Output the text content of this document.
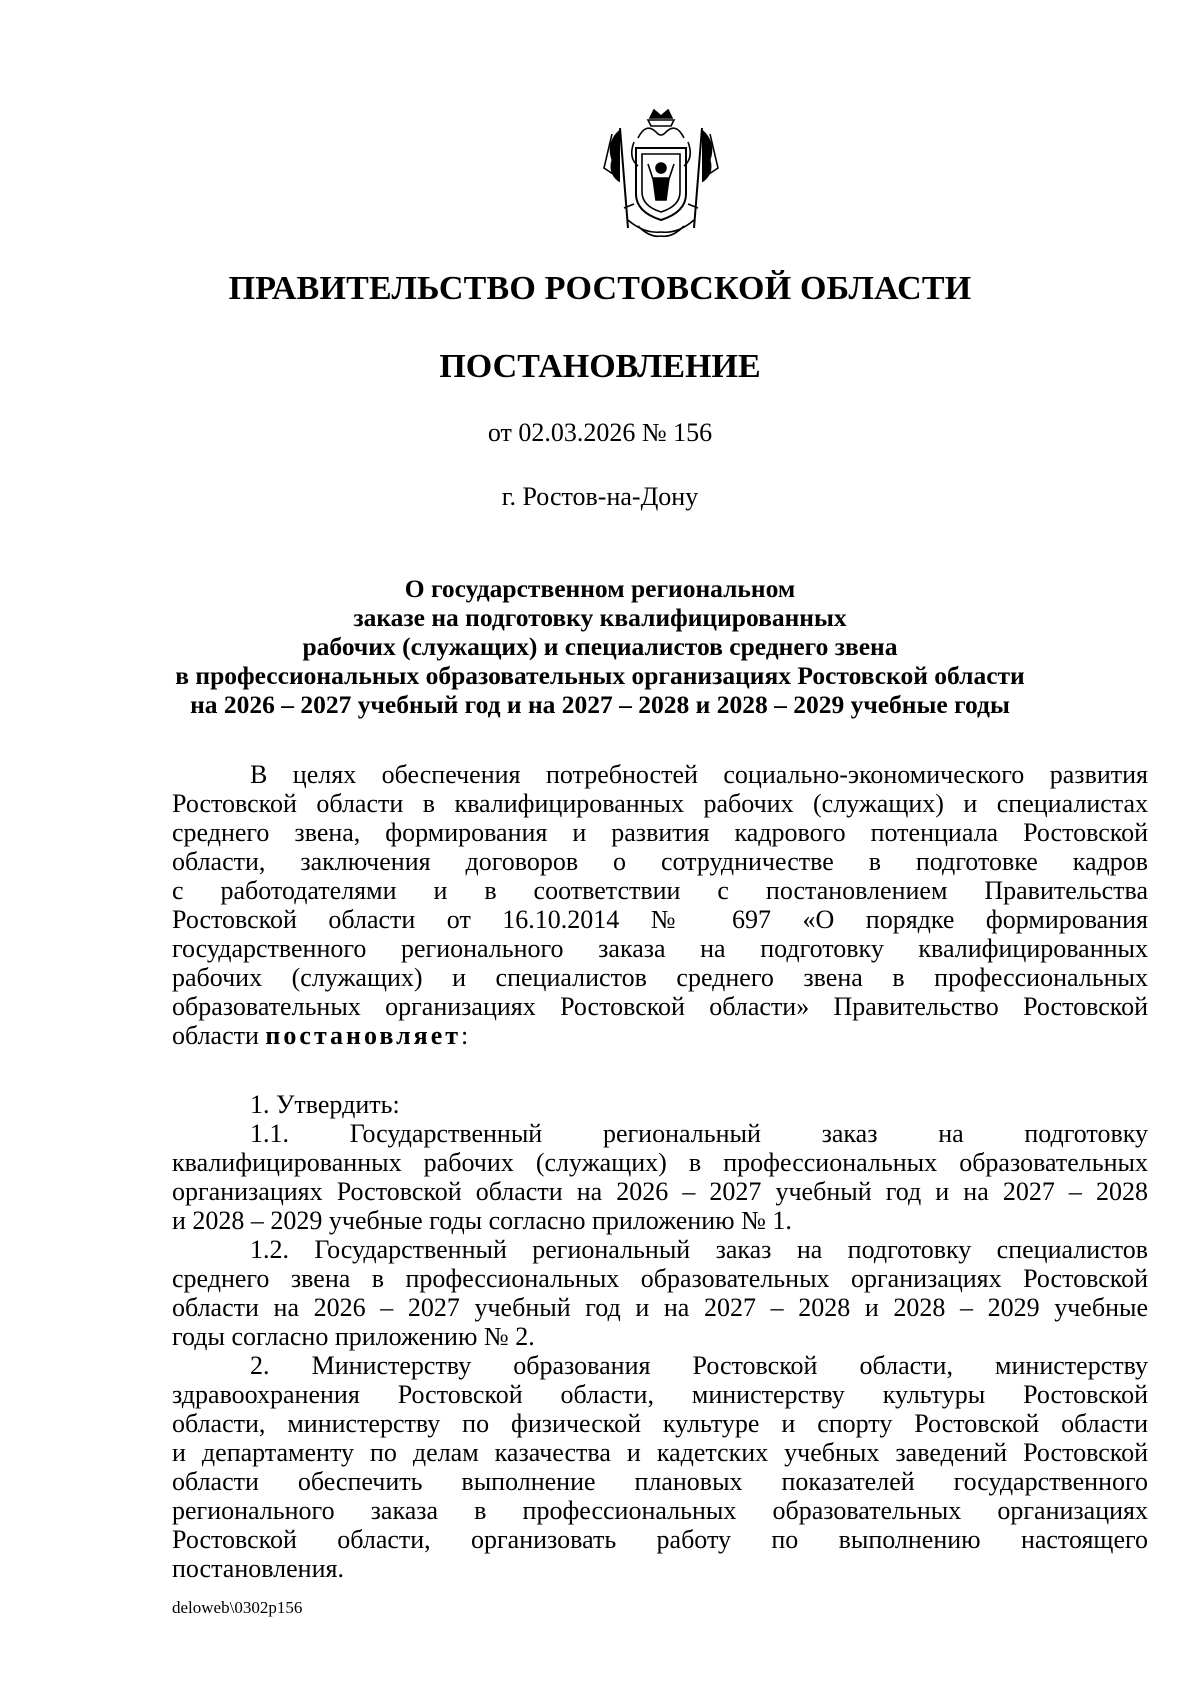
ПРАВИТЕЛЬСТВО РОСТОВСКОЙ ОБЛАСТИ
ПОСТАНОВЛЕНИЕ
от 02.03.2026 № 156
г. Ростов-на-Дону
О государственном региональном
заказе на подготовку квалифицированных
рабочих (служащих) и специалистов среднего звена
в профессиональных образовательных организациях Ростовской области
на 2026 – 2027 учебный год и на 2027 – 2028 и 2028 – 2029 учебные годы
В целях обеспечения потребностей социально-экономического развития
Ростовской области в квалифицированных рабочих (служащих) и специалистах
среднего звена, формирования и развития кадрового потенциала Ростовской
области, заключения договоров о сотрудничестве в подготовке кадров
с работодателями и в соответствии с постановлением Правительства
Ростовской области от 16.10.2014 № 697 «О порядке формирования
государственного регионального заказа на подготовку квалифицированных
рабочих (служащих) и специалистов среднего звена в профессиональных
образовательных организациях Ростовской области» Правительство Ростовской
области постановляет:
1. Утвердить:
1.1. Государственный региональный заказ на подготовку
квалифицированных рабочих (служащих) в профессиональных образовательных
организациях Ростовской области на 2026 – 2027 учебный год и на 2027 – 2028
и 2028 – 2029 учебные годы согласно приложению № 1.
1.2. Государственный региональный заказ на подготовку специалистов
среднего звена в профессиональных образовательных организациях Ростовской
области на 2026 – 2027 учебный год и на 2027 – 2028 и 2028 – 2029 учебные
годы согласно приложению № 2.
2. Министерству образования Ростовской области, министерству
здравоохранения Ростовской области, министерству культуры Ростовской
области, министерству по физической культуре и спорту Ростовской области
и департаменту по делам казачества и кадетских учебных заведений Ростовской
области обеспечить выполнение плановых показателей государственного
регионального заказа в профессиональных образовательных организациях
Ростовской области, организовать работу по выполнению настоящего
постановления.
deloweb\0302p156
